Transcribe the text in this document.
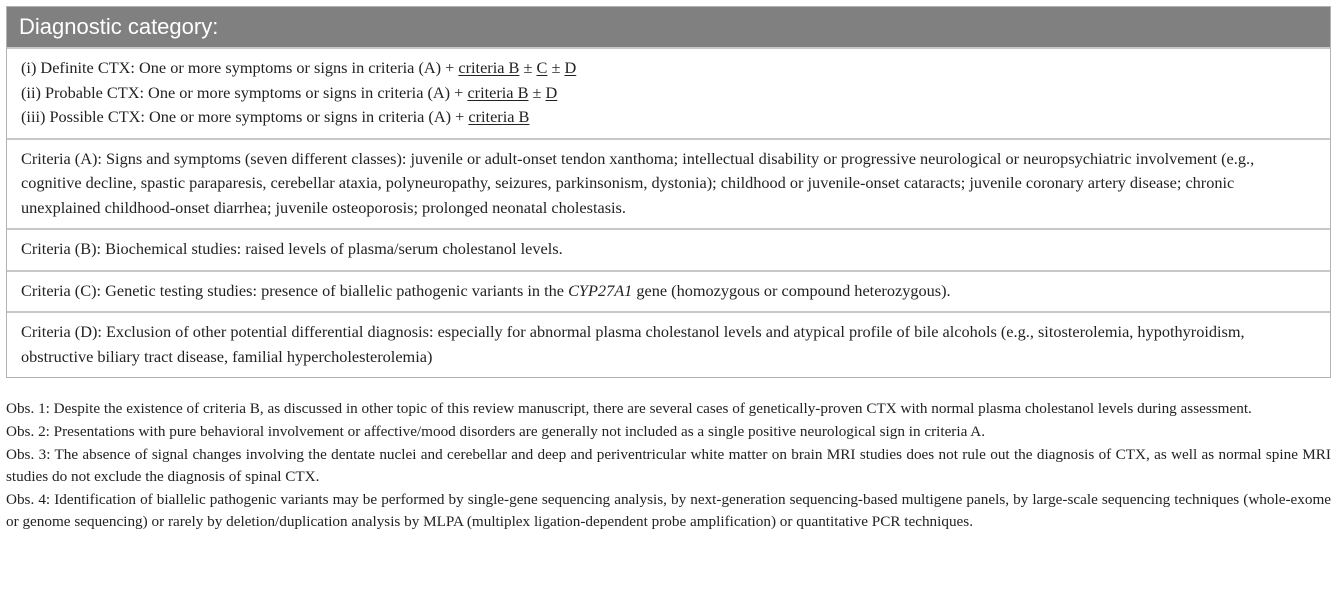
Diagnostic category:
(i) Definite CTX: One or more symptoms or signs in criteria (A) + criteria B ± C ± D
(ii) Probable CTX: One or more symptoms or signs in criteria (A) + criteria B ± D
(iii) Possible CTX: One or more symptoms or signs in criteria (A) + criteria B
Criteria (A): Signs and symptoms (seven different classes): juvenile or adult-onset tendon xanthoma; intellectual disability or progressive neurological or neuropsychiatric involvement (e.g., cognitive decline, spastic paraparesis, cerebellar ataxia, polyneuropathy, seizures, parkinsonism, dystonia); childhood or juvenile-onset cataracts; juvenile coronary artery disease; chronic unexplained childhood-onset diarrhea; juvenile osteoporosis; prolonged neonatal cholestasis.
Criteria (B): Biochemical studies: raised levels of plasma/serum cholestanol levels.
Criteria (C): Genetic testing studies: presence of biallelic pathogenic variants in the CYP27A1 gene (homozygous or compound heterozygous).
Criteria (D): Exclusion of other potential differential diagnosis: especially for abnormal plasma cholestanol levels and atypical profile of bile alcohols (e.g., sitosterolemia, hypothyroidism, obstructive biliary tract disease, familial hypercholesterolemia)

Obs. 1: Despite the existence of criteria B, as discussed in other topic of this review manuscript, there are several cases of genetically-proven CTX with normal plasma cholestanol levels during assessment.

Obs. 2: Presentations with pure behavioral involvement or affective/mood disorders are generally not included as a single positive neurological sign in criteria A.

Obs. 3: The absence of signal changes involving the dentate nuclei and cerebellar and deep and periventricular white matter on brain MRI studies does not rule out the diagnosis of CTX, as well as normal spine MRI studies do not exclude the diagnosis of spinal CTX.

Obs. 4: Identification of biallelic pathogenic variants may be performed by single-gene sequencing analysis, by next-generation sequencing-based multigene panels, by large-scale sequencing techniques (whole-exome or genome sequencing) or rarely by deletion/duplication analysis by MLPA (multiplex ligation-dependent probe amplification) or quantitative PCR techniques.
